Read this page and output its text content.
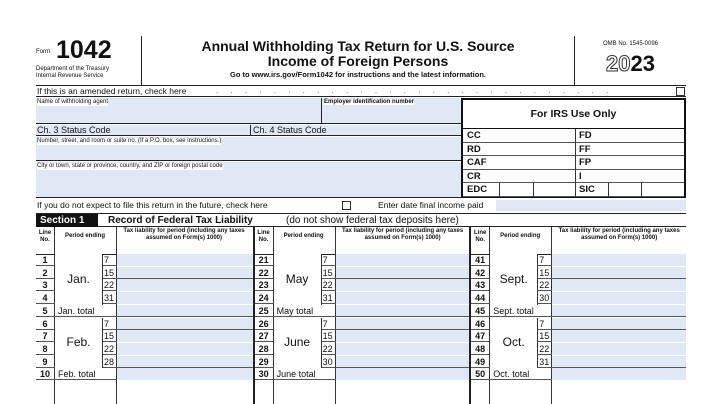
Form 1042
Department of the Treasury
Internal Revenue Service
Annual Withholding Tax Return for U.S. Source
Income of Foreign Persons
Go to www.irs.gov/Form1042 for instructions and the latest information.
OMB No. 1545-0096
2023
If this is an amended return, check here	. . . . . . . . . . . . . . . . . . . . . . . . . . . .
Name of withholding agent	Employer identification number
Ch. 3 Status Code	Ch. 4 Status Code
Number, street, and room or suite no. (If a P.O. box, see instructions.)
City or town, state or province, country, and ZIP or foreign postal code
For IRS Use Only
CC	FD
RD	FF
CAF	FP
CR	I
EDC	SIC
If you do not expect to file this return in the future, check here	Enter date final income paid
Section 1	Record of Federal Tax Liability	(do not show federal tax deposits here)
Line No.
Period ending
Tax liability for period (including any taxes assumed on Form(s) 1000)
1	7
2	15
3	22
4	31
Jan.
5	Jan. total
6	7
7	15
8	22
9	28
Feb.
10 Feb. total
Line No.
Period ending
Tax liability for period (including any taxes assumed on Form(s) 1000)
21	7
22	15
23	22
24	31
May
25 May total
26	7
27	15
28	22
29	30
June
30 June total
Line No.
Period ending
Tax liability for period (including any taxes assumed on Form(s) 1000)
41	7
42	15
43	22
44	30
Sept.
45 Sept. total
46	7
47	15
48	22
49	31
Oct.
50 Oct. total
